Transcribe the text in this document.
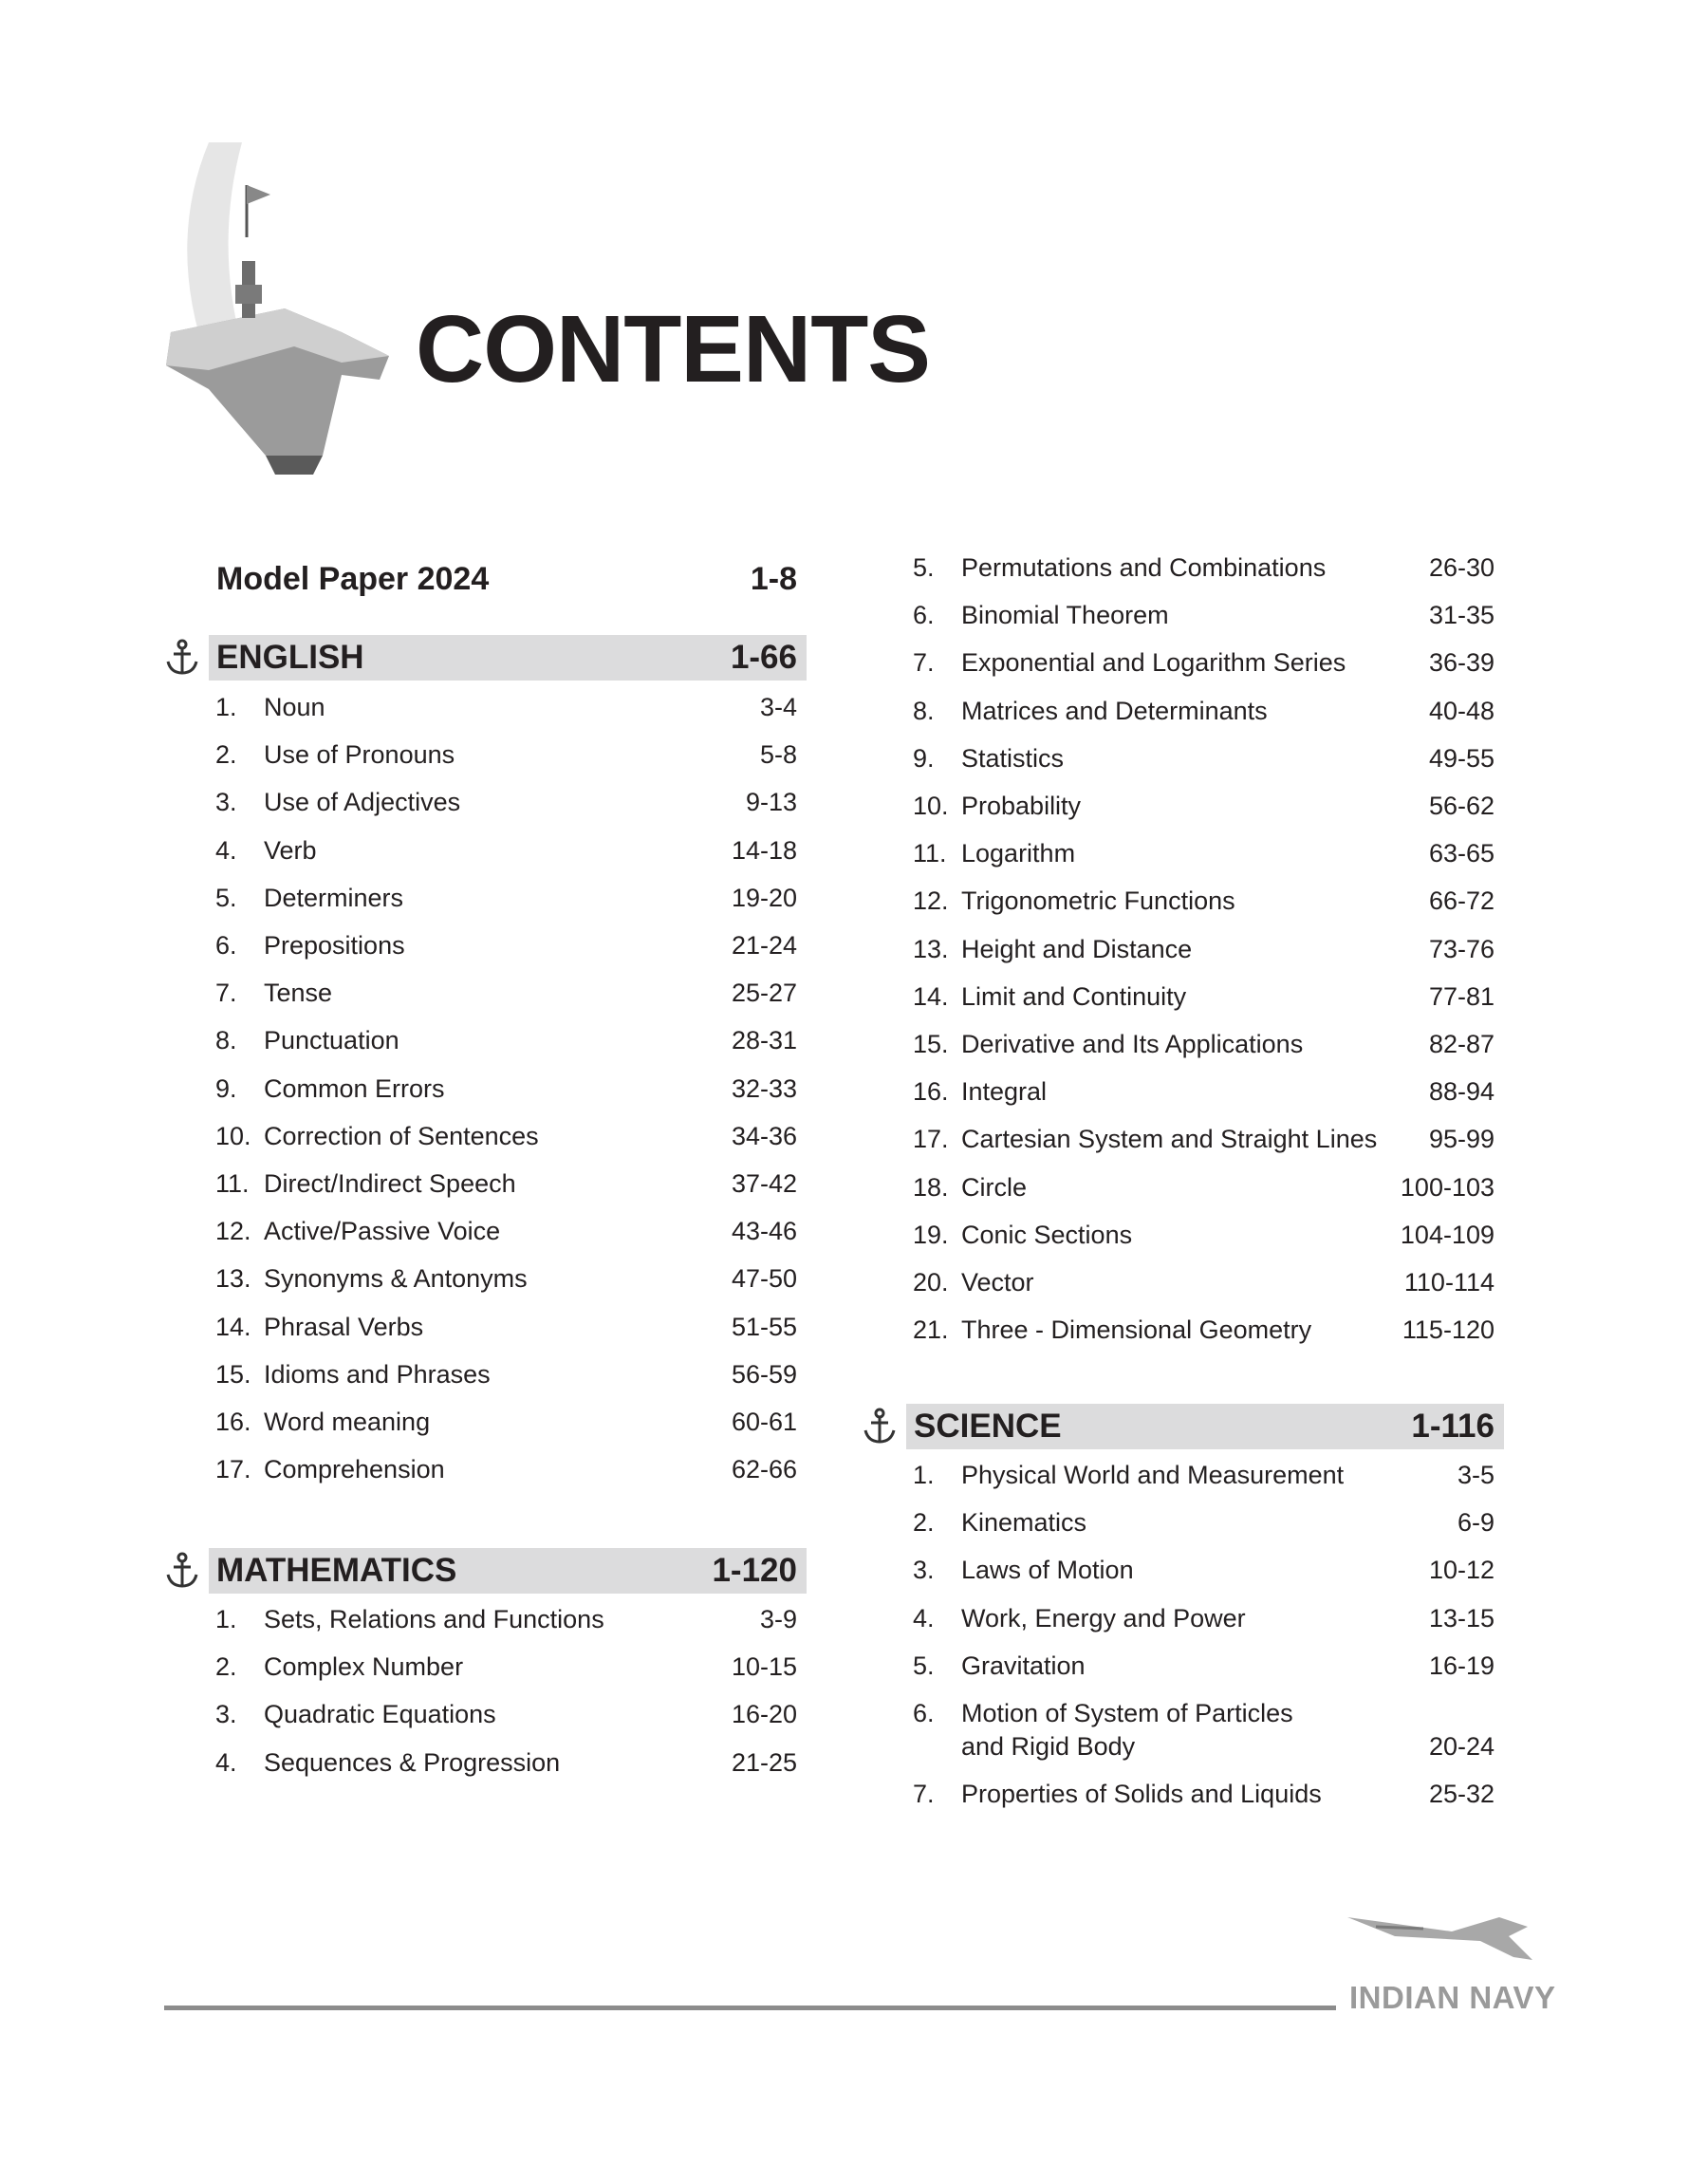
CONTENTS
Model Paper 2024	1-8
ENGLISH	1-66
1. Noun	3-4
2. Use of Pronouns	5-8
3. Use of Adjectives	9-13
4. Verb	14-18
5. Determiners	19-20
6. Prepositions	21-24
7. Tense	25-27
8. Punctuation	28-31
9. Common Errors	32-33
10. Correction of Sentences	34-36
11. Direct/Indirect Speech	37-42
12. Active/Passive Voice	43-46
13. Synonyms & Antonyms	47-50
14. Phrasal Verbs	51-55
15. Idioms and Phrases	56-59
16. Word meaning	60-61
17. Comprehension	62-66
MATHEMATICS	1-120
1. Sets, Relations and Functions	3-9
2. Complex Number	10-15
3. Quadratic Equations	16-20
4. Sequences & Progression	21-25
5. Permutations and Combinations	26-30
6. Binomial Theorem	31-35
7. Exponential and Logarithm Series	36-39
8. Matrices and Determinants	40-48
9. Statistics	49-55
10. Probability	56-62
11. Logarithm	63-65
12. Trigonometric Functions	66-72
13. Height and Distance	73-76
14. Limit and Continuity	77-81
15. Derivative and Its Applications	82-87
16. Integral	88-94
17. Cartesian System and Straight Lines 95-99
18. Circle	100-103
19. Conic Sections	104-109
20. Vector	110-114
21. Three - Dimensional Geometry	115-120
SCIENCE	1-116
1. Physical World and Measurement	3-5
2. Kinematics	6-9
3. Laws of Motion	10-12
4. Work, Energy and Power	13-15
5. Gravitation	16-19
6. Motion of System of Particles
and Rigid Body	20-24
7. Properties of Solids and Liquids	25-32
INDIAN NAVY
